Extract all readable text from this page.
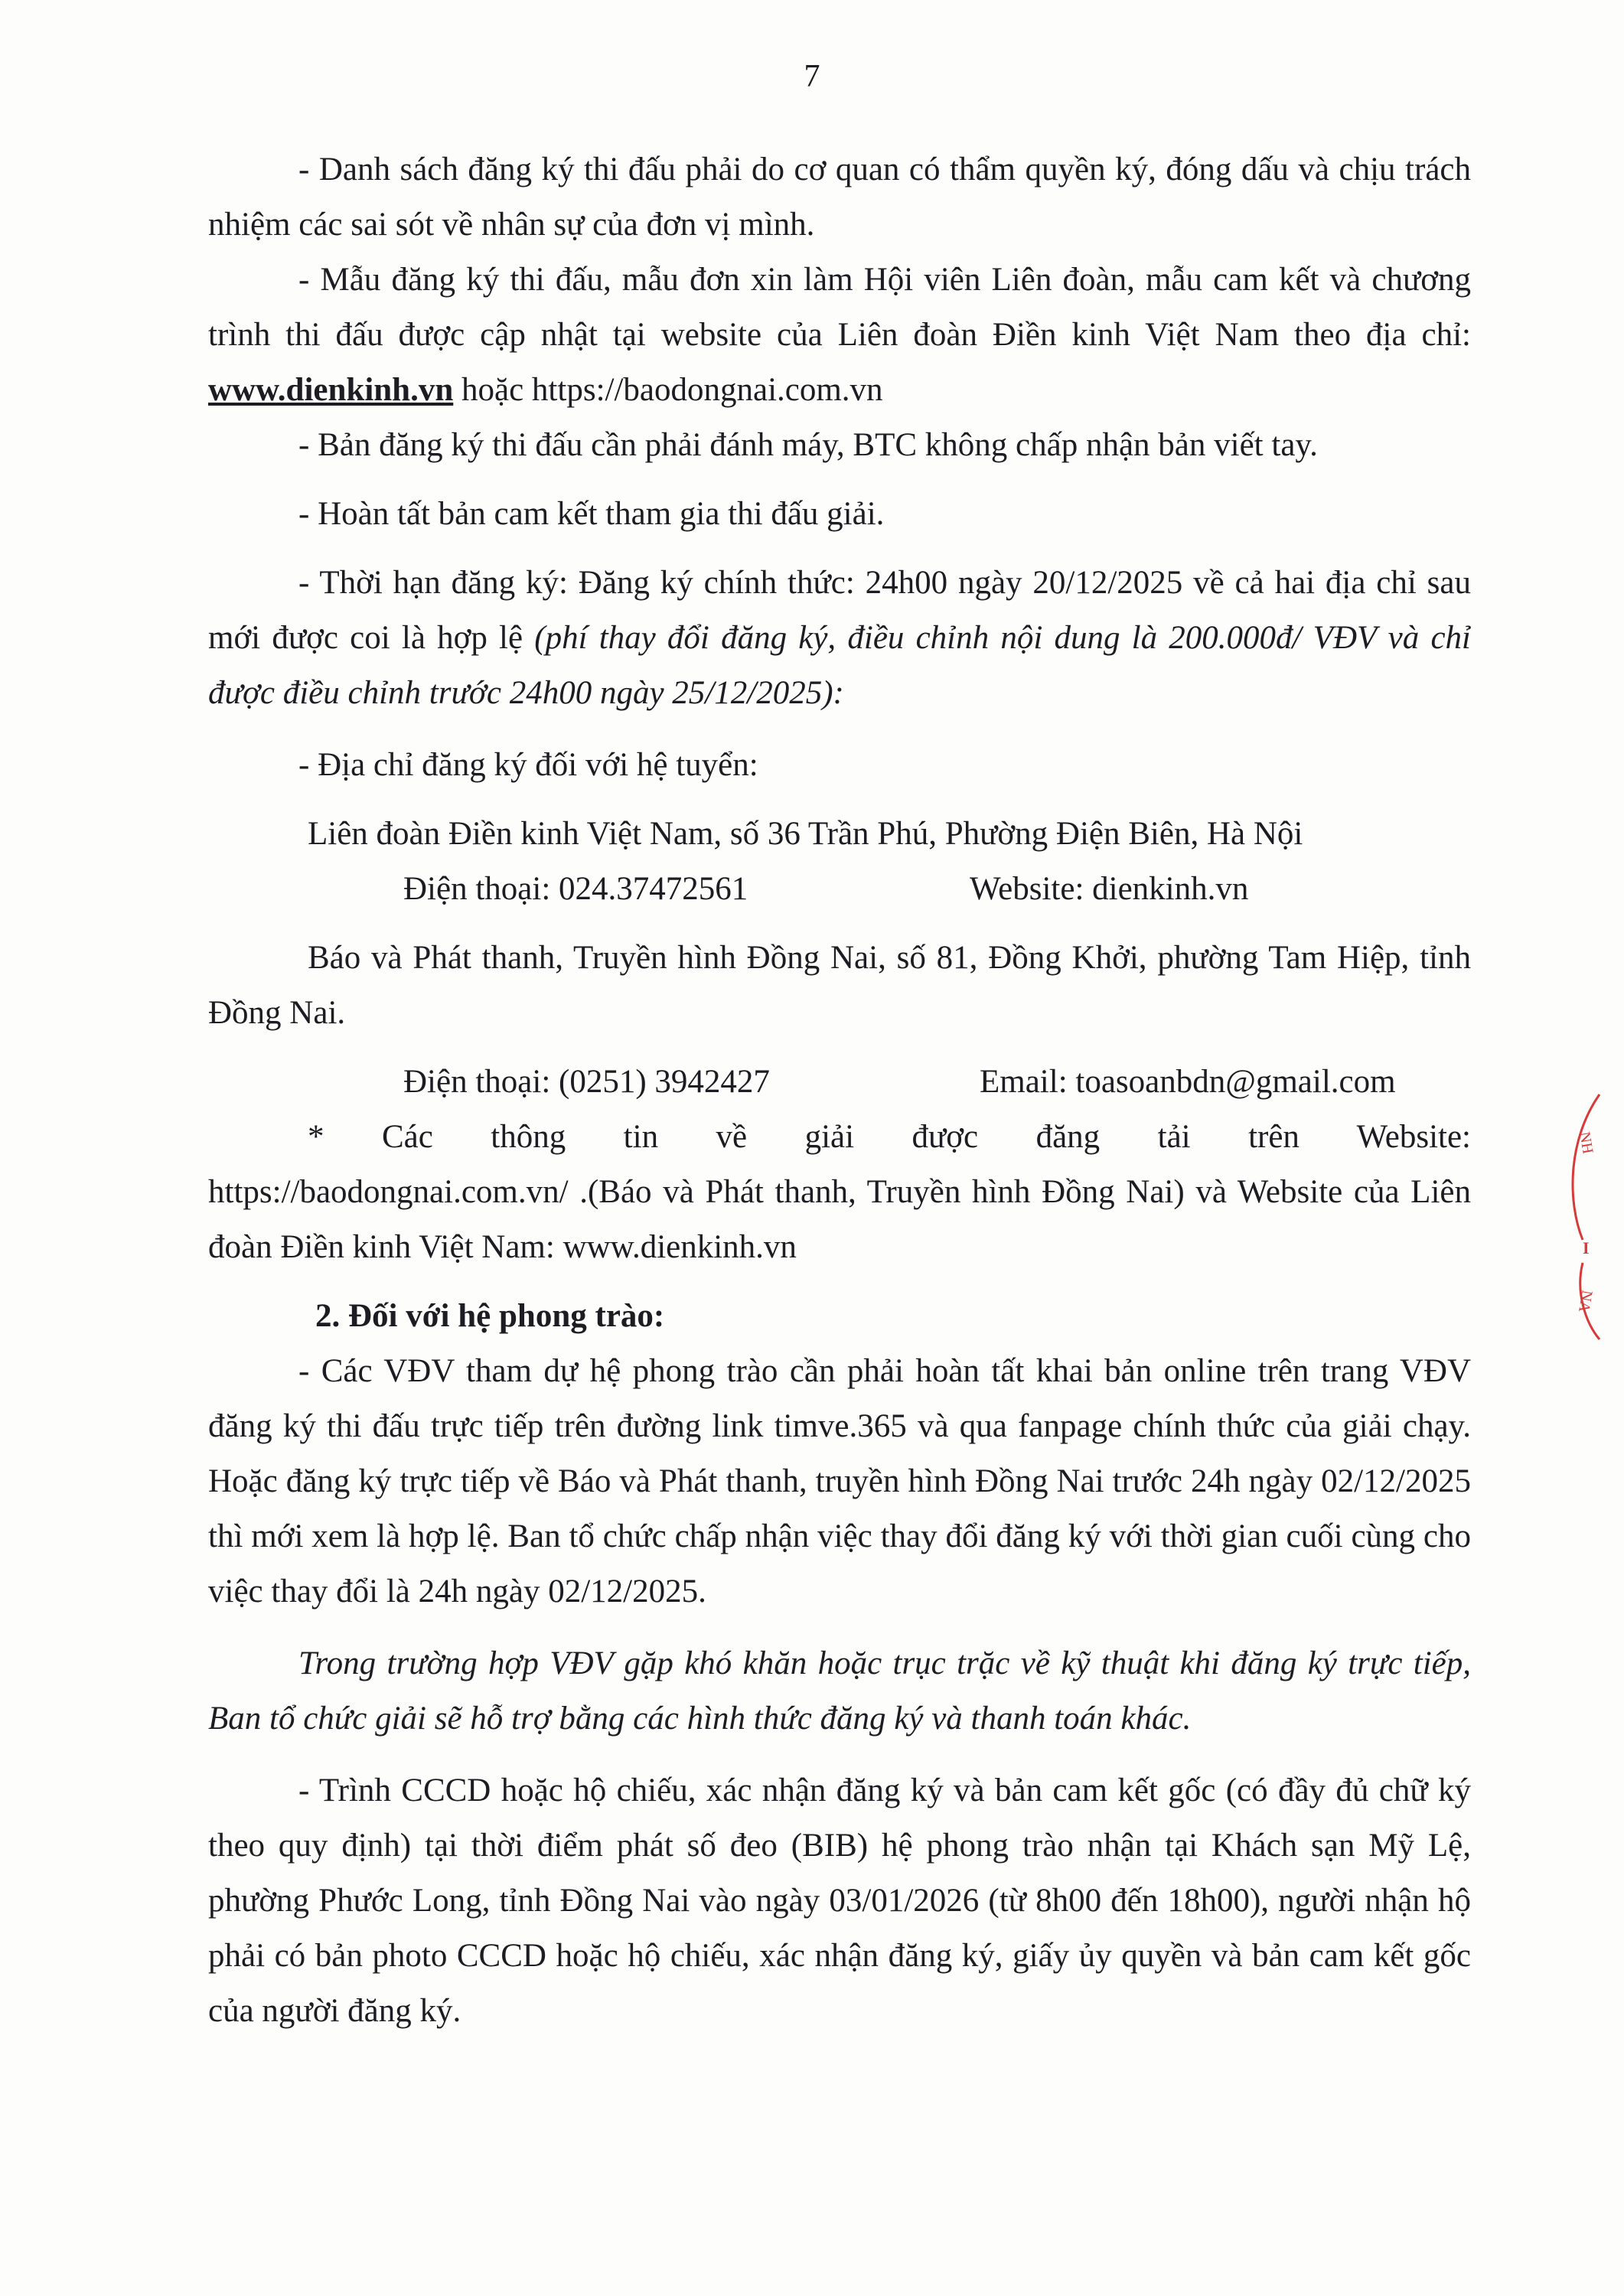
7

- Danh sách đăng ký thi đấu phải do cơ quan có thẩm quyền ký, đóng dấu và chịu trách nhiệm các sai sót về nhân sự của đơn vị mình.

- Mẫu đăng ký thi đấu, mẫu đơn xin làm Hội viên Liên đoàn, mẫu cam kết và chương trình thi đấu được cập nhật tại website của Liên đoàn Điền kinh Việt Nam theo địa chỉ: www.dienkinh.vn hoặc https://baodongnai.com.vn

- Bản đăng ký thi đấu cần phải đánh máy, BTC không chấp nhận bản viết tay.

- Hoàn tất bản cam kết tham gia thi đấu giải.

- Thời hạn đăng ký: Đăng ký chính thức: 24h00 ngày 20/12/2025 về cả hai địa chỉ sau mới được coi là hợp lệ (phí thay đổi đăng ký, điều chỉnh nội dung là 200.000đ/ VĐV và chỉ được điều chỉnh trước 24h00 ngày 25/12/2025):

- Địa chỉ đăng ký đối với hệ tuyển:

Liên đoàn Điền kinh Việt Nam, số 36 Trần Phú, Phường Điện Biên, Hà Nội

Điện thoại: 024.37472561	Website: dienkinh.vn

Báo và Phát thanh, Truyền hình Đồng Nai, số 81, Đồng Khởi, phường Tam Hiệp, tỉnh Đồng Nai.

Điện thoại: (0251) 3942427	Email: toasoanbdn@gmail.com

* Các thông tin về giải được đăng tải trên Website:

https://baodongnai.com.vn/ .(Báo và Phát thanh, Truyền hình Đồng Nai) và Website của Liên đoàn Điền kinh Việt Nam: www.dienkinh.vn

2. Đối với hệ phong trào:

- Các VĐV tham dự hệ phong trào cần phải hoàn tất khai bản online trên trang VĐV đăng ký thi đấu trực tiếp trên đường link timve.365 và qua fanpage chính thức của giải chạy. Hoặc đăng ký trực tiếp về Báo và Phát thanh, truyền hình Đồng Nai trước 24h ngày 02/12/2025 thì mới xem là hợp lệ. Ban tổ chức chấp nhận việc thay đổi đăng ký với thời gian cuối cùng cho việc thay đổi là 24h ngày 02/12/2025.

Trong trường hợp VĐV gặp khó khăn hoặc trục trặc về kỹ thuật khi đăng ký trực tiếp, Ban tổ chức giải sẽ hỗ trợ bằng các hình thức đăng ký và thanh toán khác.

- Trình CCCD hoặc hộ chiếu, xác nhận đăng ký và bản cam kết gốc (có đầy đủ chữ ký theo quy định) tại thời điểm phát số đeo (BIB) hệ phong trào nhận tại Khách sạn Mỹ Lệ, phường Phước Long, tỉnh Đồng Nai vào ngày 03/01/2026 (từ 8h00 đến 18h00), người nhận hộ phải có bản photo CCCD hoặc hộ chiếu, xác nhận đăng ký, giấy ủy quyền và bản cam kết gốc của người đăng ký.

NH
I
NA
